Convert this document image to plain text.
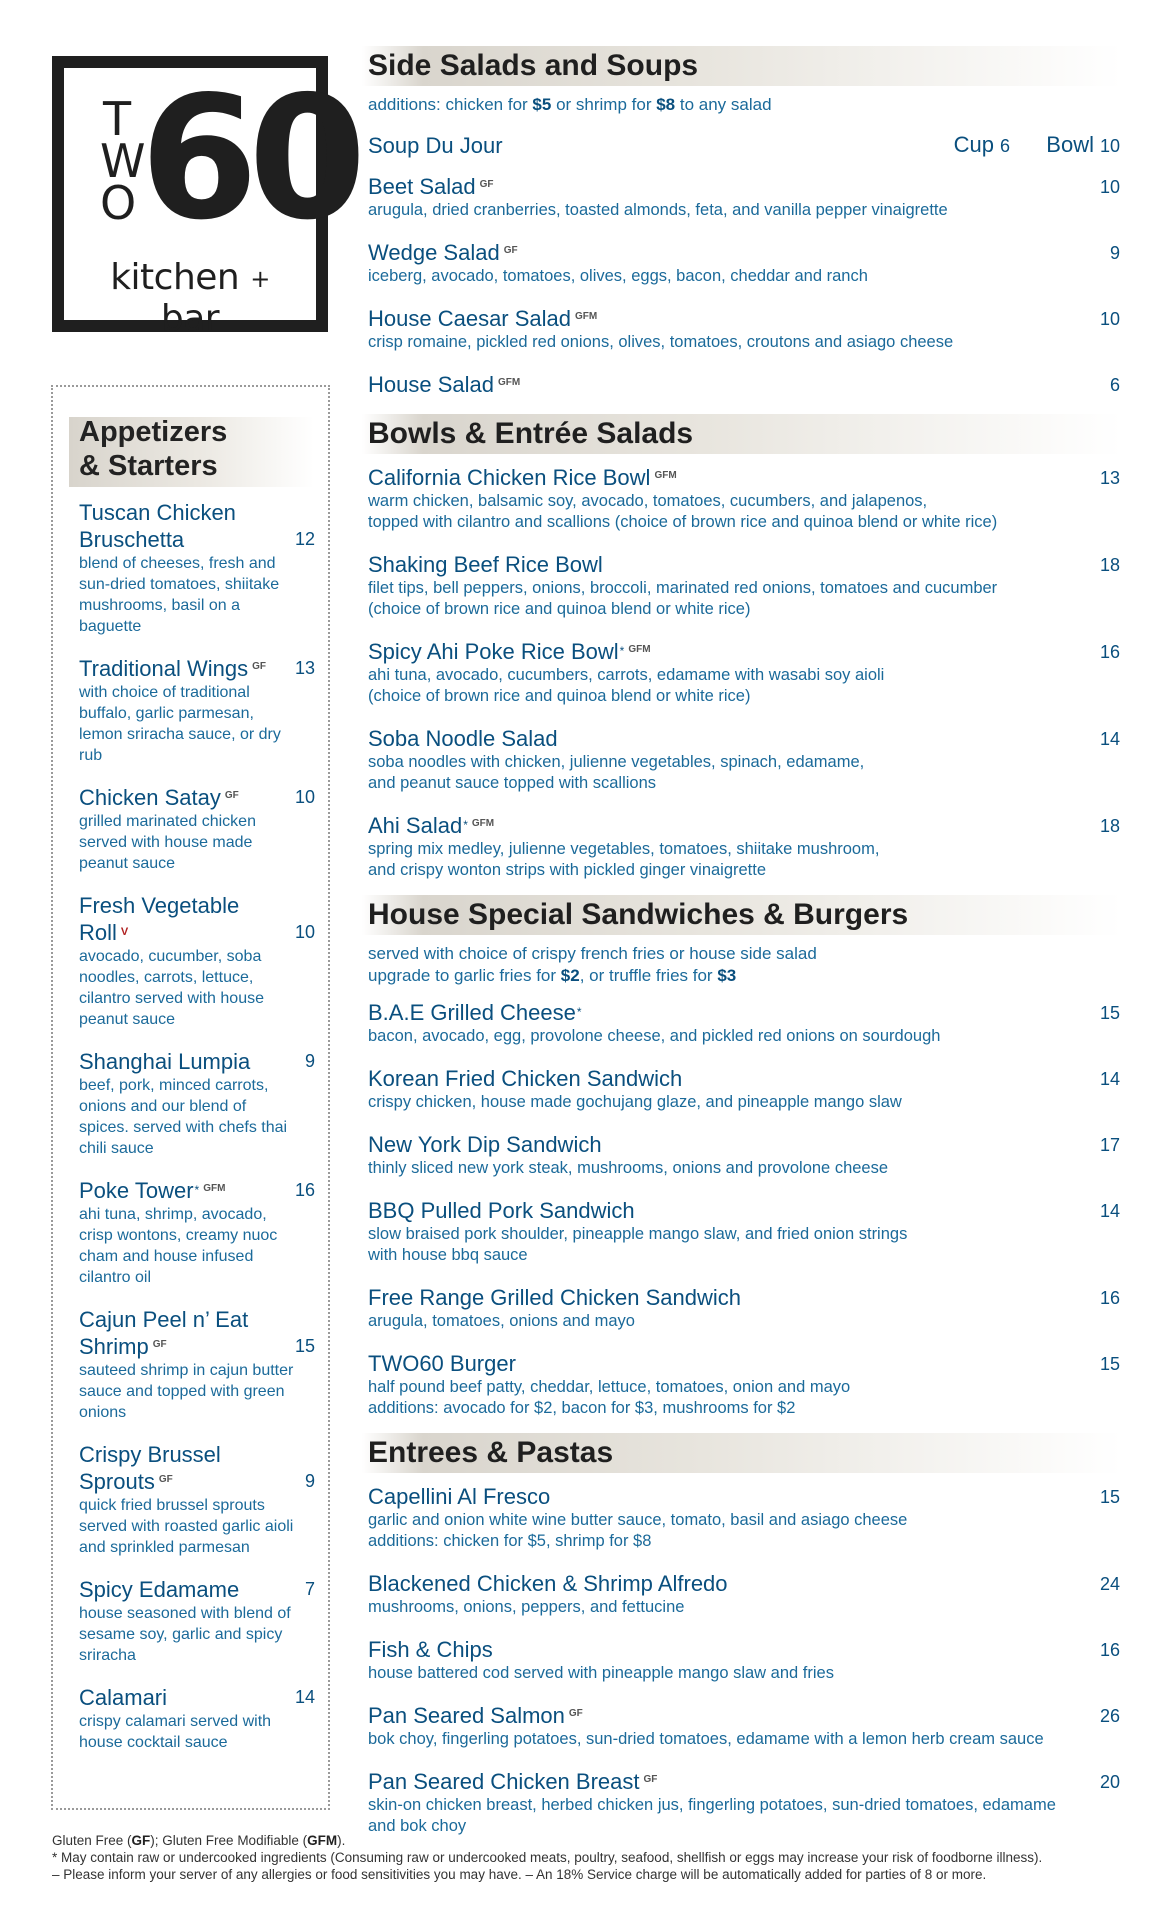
T
W
O 60
kitchen + bar
Appetizers
& Starters
Tuscan Chicken Bruschetta	12
blend of cheeses, fresh and sun-dried tomatoes, shiitake mushrooms, basil on a baguette
Traditional Wings $^{GF}$ 13
with choice of traditional buffalo, garlic parmesan, lemon sriracha sauce, or dry rub
Chicken Satay $^{GF}$	10
grilled marinated chicken served with house made peanut sauce
Fresh Vegetable Roll $^V$	10
avocado, cucumber, soba noodles, carrots, lettuce, cilantro served with house peanut sauce
Shanghai Lumpia	9
beef, pork, minced carrots, onions and our blend of spices. served with chefs thai chili sauce
Poke Tower* $^{GFM}$	16
ahi tuna, shrimp, avocado, crisp wontons, creamy nuoc cham and house infused cilantro oil
Cajun Peel n’ Eat Shrimp $^{GF}$	15
sauteed shrimp in cajun butter sauce and topped with green onions
Crispy Brussel Sprouts $^{GF}$	9
quick fried brussel sprouts served with roasted garlic aioli and sprinkled parmesan
Spicy Edamame	7
house seasoned with blend of sesame soy, garlic and spicy sriracha
Calamari	14
crispy calamari served with house cocktail sauce
Side Salads and Soups
additions: chicken for $5 or shrimp for $8 to any salad
Soup Du Jour	Cup 6 Bowl 10
Beet Salad $^{GF}$	10
arugula, dried cranberries, toasted almonds, feta, and vanilla pepper vinaigrette
Wedge Salad $^{GF}$	9
iceberg, avocado, tomatoes, olives, eggs, bacon, cheddar and ranch
House Caesar Salad $^{GFM}$	10
crisp romaine, pickled red onions, olives, tomatoes, croutons and asiago cheese
House Salad $^{GFM}$	6
Bowls & Entrée Salads
California Chicken Rice Bowl $^{GFM}$	13
warm chicken, balsamic soy, avocado, tomatoes, cucumbers, and jalapenos,
topped with cilantro and scallions (choice of brown rice and quinoa blend or white rice)
Shaking Beef Rice Bowl	18
filet tips, bell peppers, onions, broccoli, marinated red onions, tomatoes and cucumber
(choice of brown rice and quinoa blend or white rice)
Spicy Ahi Poke Rice Bowl* $^{GFM}$	16
ahi tuna, avocado, cucumbers, carrots, edamame with wasabi soy aioli
(choice of brown rice and quinoa blend or white rice)
Soba Noodle Salad	14
soba noodles with chicken, julienne vegetables, spinach, edamame,
and peanut sauce topped with scallions
Ahi Salad* $^{GFM}$	18
spring mix medley, julienne vegetables, tomatoes, shiitake mushroom,
and crispy wonton strips with pickled ginger vinaigrette
House Special Sandwiches & Burgers
served with choice of crispy french fries or house side salad
upgrade to garlic fries for $2, or truffle fries for $3
B.A.E Grilled Cheese*	15
bacon, avocado, egg, provolone cheese, and pickled red onions on sourdough
Korean Fried Chicken Sandwich	14
crispy chicken, house made gochujang glaze, and pineapple mango slaw
New York Dip Sandwich	17
thinly sliced new york steak, mushrooms, onions and provolone cheese
BBQ Pulled Pork Sandwich	14
slow braised pork shoulder, pineapple mango slaw, and fried onion strings
with house bbq sauce
Free Range Grilled Chicken Sandwich	16
arugula, tomatoes, onions and mayo
TWO60 Burger	15
half pound beef patty, cheddar, lettuce, tomatoes, onion and mayo
additions: avocado for $2, bacon for $3, mushrooms for $2
Entrees & Pastas
Capellini Al Fresco	15
garlic and onion white wine butter sauce, tomato, basil and asiago cheese
additions: chicken for $5, shrimp for $8
Blackened Chicken & Shrimp Alfredo	24
mushrooms, onions, peppers, and fettucine
Fish & Chips	16
house battered cod served with pineapple mango slaw and fries
Pan Seared Salmon $^{GF}$	26
bok choy, fingerling potatoes, sun-dried tomatoes, edamame with a lemon herb cream sauce
Pan Seared Chicken Breast $^{GF}$	20
skin-on chicken breast, herbed chicken jus, fingerling potatoes, sun-dried tomatoes, edamame
and bok choy
Gluten Free (GF); Gluten Free Modifiable (GFM).
* May contain raw or undercooked ingredients (Consuming raw or undercooked meats, poultry, seafood, shellfish or eggs may increase your risk of foodborne illness).
– Please inform your server of any allergies or food sensitivities you may have. – An 18% Service charge will be automatically added for parties of 8 or more.
